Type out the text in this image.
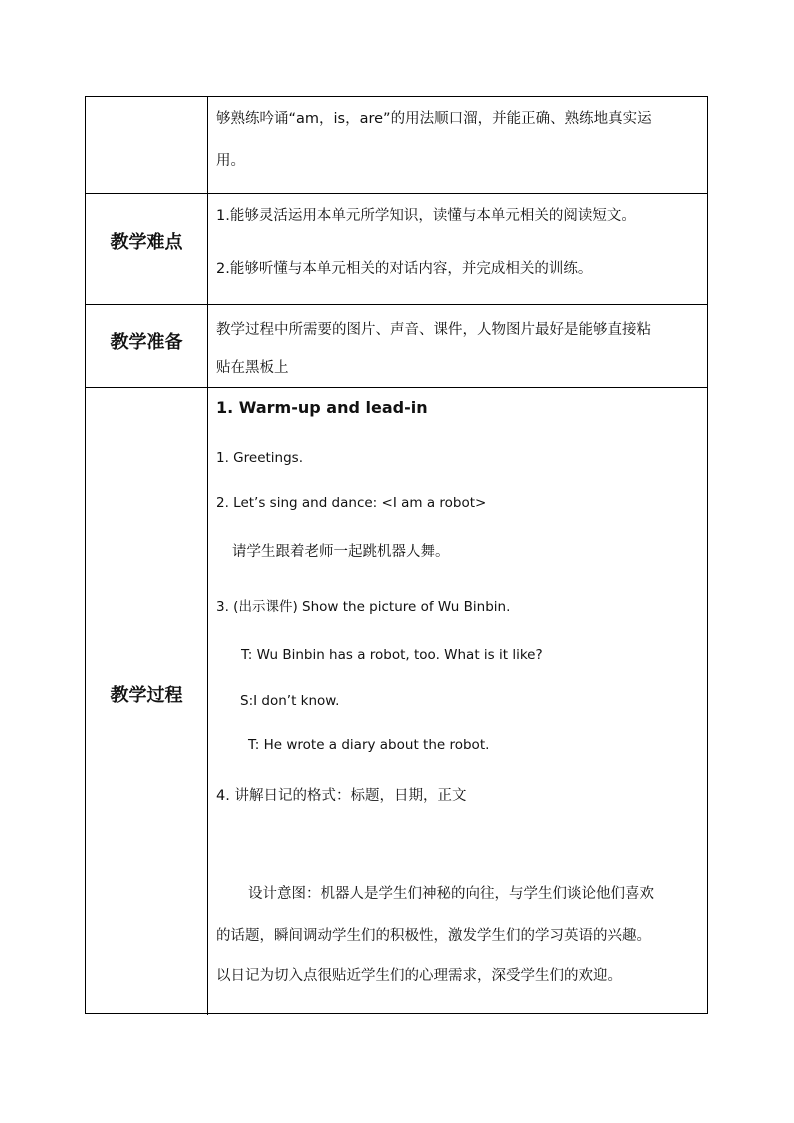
够熟练吟诵“am，is，are”的用法顺口溜，并能正确、熟练地真实运
用。
教学难点
1.能够灵活运用本单元所学知识，读懂与本单元相关的阅读短文。
2.能够听懂与本单元相关的对话内容，并完成相关的训练。
教学准备
教学过程中所需要的图片、声音、课件，人物图片最好是能够直接粘
贴在黑板上
教学过程
1. Warm-up and lead-in
1. Greetings.
2. Let’s sing and dance: <I am a robot>
请学生跟着老师一起跳机器人舞。
3. (出示课件) Show the picture of Wu Binbin.
T: Wu Binbin has a robot, too. What is it like?
S:I don’t know.
T: He wrote a diary about the robot.
4. 讲解日记的格式：标题，日期，正文
设计意图：机器人是学生们神秘的向往，与学生们谈论他们喜欢
的话题，瞬间调动学生们的积极性，激发学生们的学习英语的兴趣。
以日记为切入点很贴近学生们的心理需求，深受学生们的欢迎。
